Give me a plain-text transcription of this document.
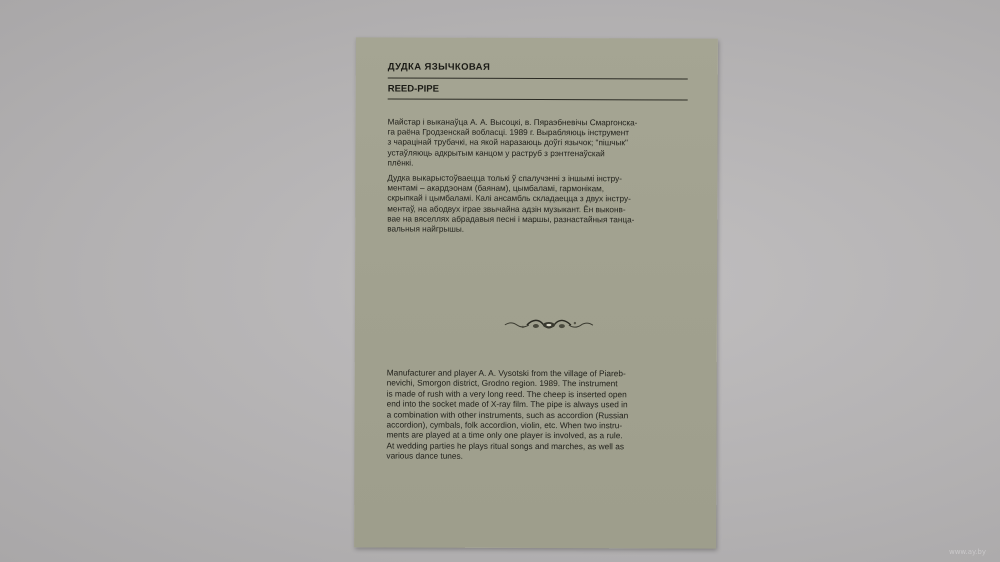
ДУДКА ЯЗЫЧКОВАЯ
REED-PIPE
Майстар і выканаўца А. А. Высоцкі, в. Пяраэбневічы Смаргонска-
га раёна Гродзенскай вобласці. 1989 г. Вырабляюць інструмент
з чарацінай трубачкі, на якой наразаюць доўгі язычок; "пішчык"
устаўляюць адкрытым канцом у раструб з рэнтгенаўскай
плёнкі.
Дудка выкарыстоўваецца толькі ў спалучэнні з іншымі інстру-
ментамі – акардэонам (баянам), цымбаламі, гармонікам,
скрыпкай і цымбаламі. Калі ансамбль складаецца з двух інстру-
ментаў, на абодвух іграе звычайна адзін музыкант. Ён выконв-
вае на вяселлях абрадавыя песні і маршы, разнастайныя танца-
вальныя найгрышы.
Manufacturer and player A. A. Vysotski from the village of Piareb-
nevichi, Smorgon district, Grodno region. 1989. The instrument
is made of rush with a very long reed. The cheep is inserted open
end into the socket made of X-ray film. The pipe is always used in
a combination with other instruments, such as accordion (Russian
accordion), cymbals, folk accordion, violin, etc. When two instru-
ments are played at a time only one player is involved, as a rule.
At wedding parties he plays ritual songs and marches, as well as
various dance tunes.
www.ay.by
